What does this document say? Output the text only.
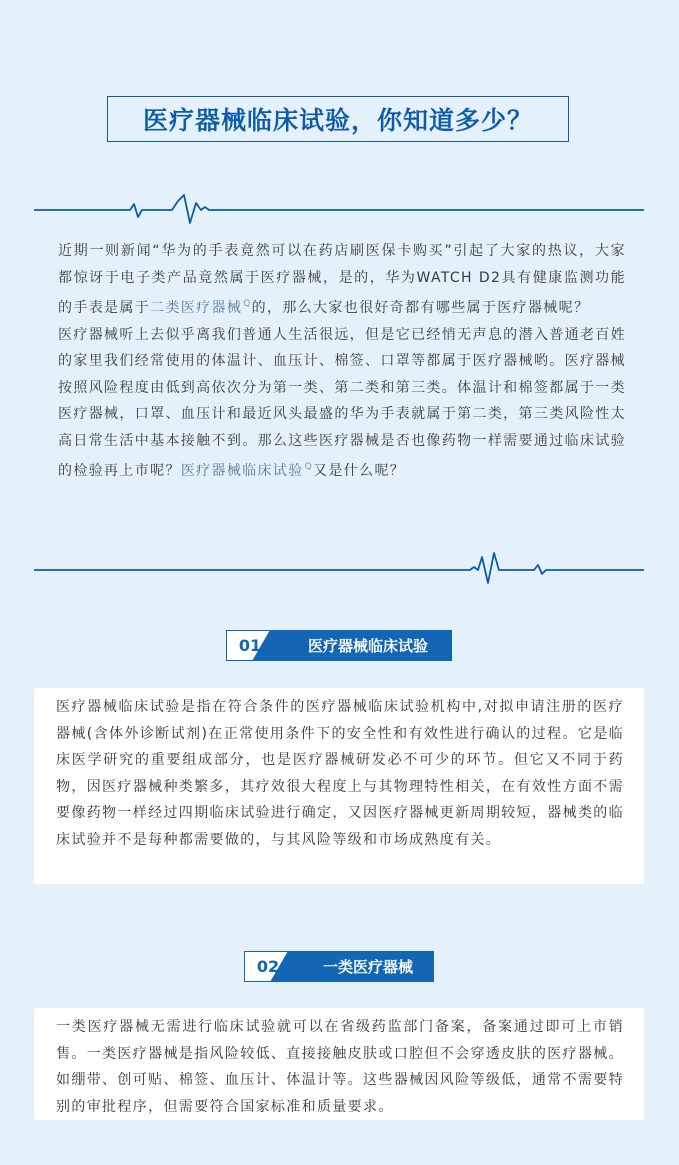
医疗器械临床试验，你知道多少？

近期一则新闻“华为的手表竟然可以在药店刷医保卡购买”引起了大家的热议，大家都惊讶于电子类产品竟然属于医疗器械，是的，华为WATCH D2具有健康监测功能的手表是属于二类医疗器械$^Q$的，那么大家也很好奇都有哪些属于医疗器械呢？

医疗器械听上去似乎离我们普通人生活很远，但是它已经悄无声息的潜入普通老百姓的家里我们经常使用的体温计、血压计、棉签、口罩等都属于医疗器械哟。医疗器械按照风险程度由低到高依次分为第一类、第二类和第三类。体温计和棉签都属于一类医疗器械，口罩、血压计和最近风头最盛的华为手表就属于第二类，第三类风险性太高日常生活中基本接触不到。那么这些医疗器械是否也像药物一样需要通过临床试验的检验再上市呢？医疗器械临床试验$^Q$又是什么呢？

01	医疗器械临床试验

医疗器械临床试验是指在符合条件的医疗器械临床试验机构中,对拟申请注册的医疗器械(含体外诊断试剂)在正常使用条件下的安全性和有效性进行确认的过程。它是临床医学研究的重要组成部分，也是医疗器械研发必不可少的环节。但它又不同于药物，因医疗器械种类繁多，其疗效很大程度上与其物理特性相关，在有效性方面不需要像药物一样经过四期临床试验进行确定，又因医疗器械更新周期较短，器械类的临床试验并不是每种都需要做的，与其风险等级和市场成熟度有关。

02	一类医疗器械

一类医疗器械无需进行临床试验就可以在省级药监部门备案，备案通过即可上市销售。一类医疗器械是指风险较低、直接接触皮肤或口腔但不会穿透皮肤的医疗器械。如绷带、创可贴、棉签、血压计、体温计等。这些器械因风险等级低，通常不需要特别的审批程序，但需要符合国家标准和质量要求。
